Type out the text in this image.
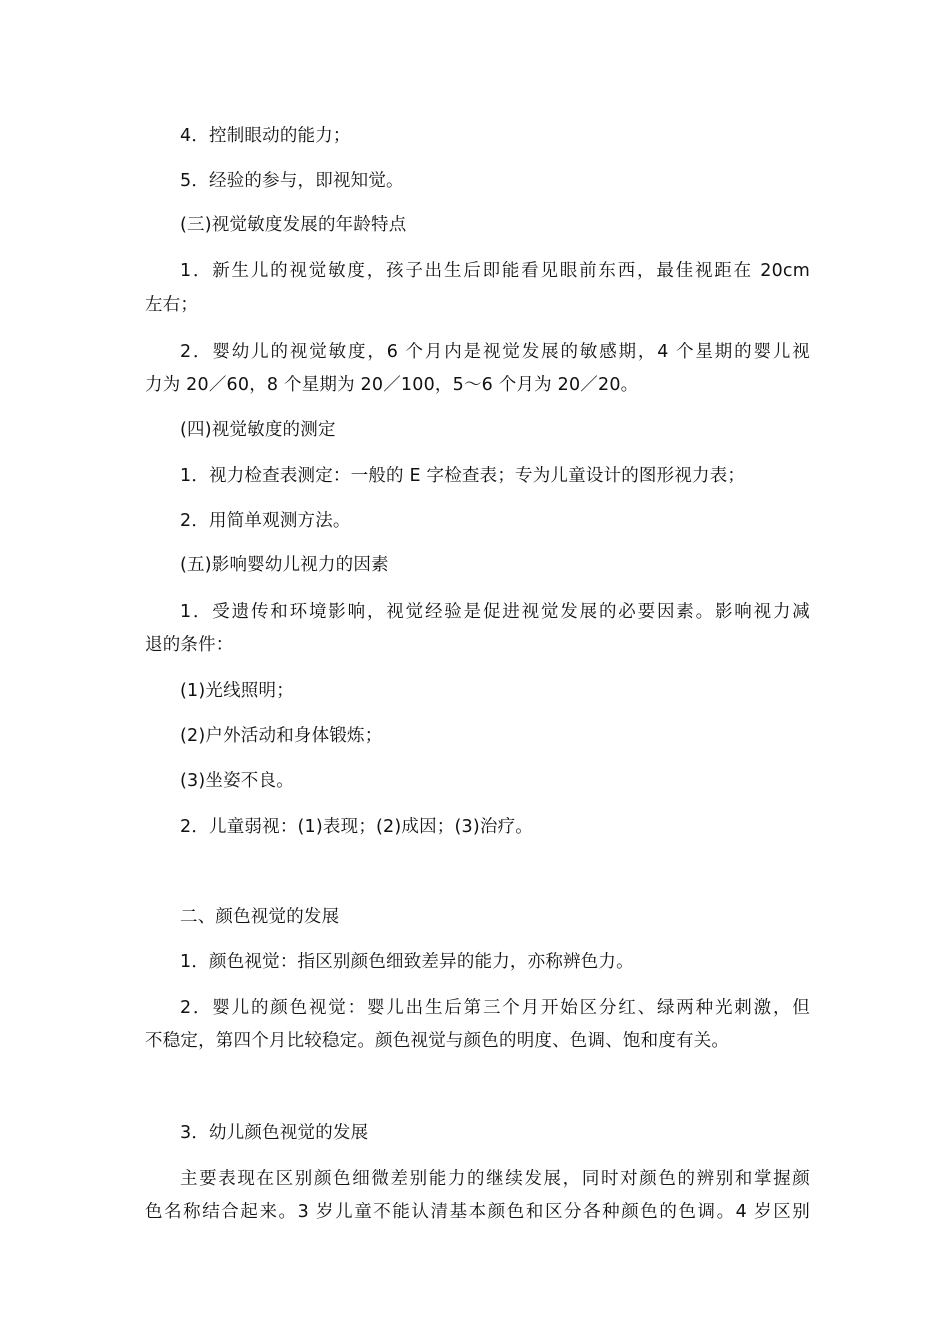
4．控制眼动的能力；
5．经验的参与，即视知觉。
(三)视觉敏度发展的年龄特点
1．新生儿的视觉敏度，孩子出生后即能看见眼前东西，最佳视距在 20cm
左右；
2．婴幼儿的视觉敏度，6 个月内是视觉发展的敏感期，4 个星期的婴儿视
力为 20／60，8 个星期为 20／100，5～6 个月为 20／20。
(四)视觉敏度的测定
1．视力检查表测定：一般的 E 字检查表；专为儿童设计的图形视力表；
2．用简单观测方法。
(五)影响婴幼儿视力的因素
1．受遗传和环境影响，视觉经验是促进视觉发展的必要因素。影响视力减
退的条件：
(1)光线照明；
(2)户外活动和身体锻炼；
(3)坐姿不良。
2．儿童弱视：(1)表现；(2)成因；(3)治疗。
二、颜色视觉的发展
1．颜色视觉：指区别颜色细致差异的能力，亦称辨色力。
2．婴儿的颜色视觉：婴儿出生后第三个月开始区分红、绿两种光刺激，但
不稳定，第四个月比较稳定。颜色视觉与颜色的明度、色调、饱和度有关。
3．幼儿颜色视觉的发展
主要表现在区别颜色细微差别能力的继续发展，同时对颜色的辨别和掌握颜
色名称结合起来。3 岁儿童不能认清基本颜色和区分各种颜色的色调。4 岁区别
